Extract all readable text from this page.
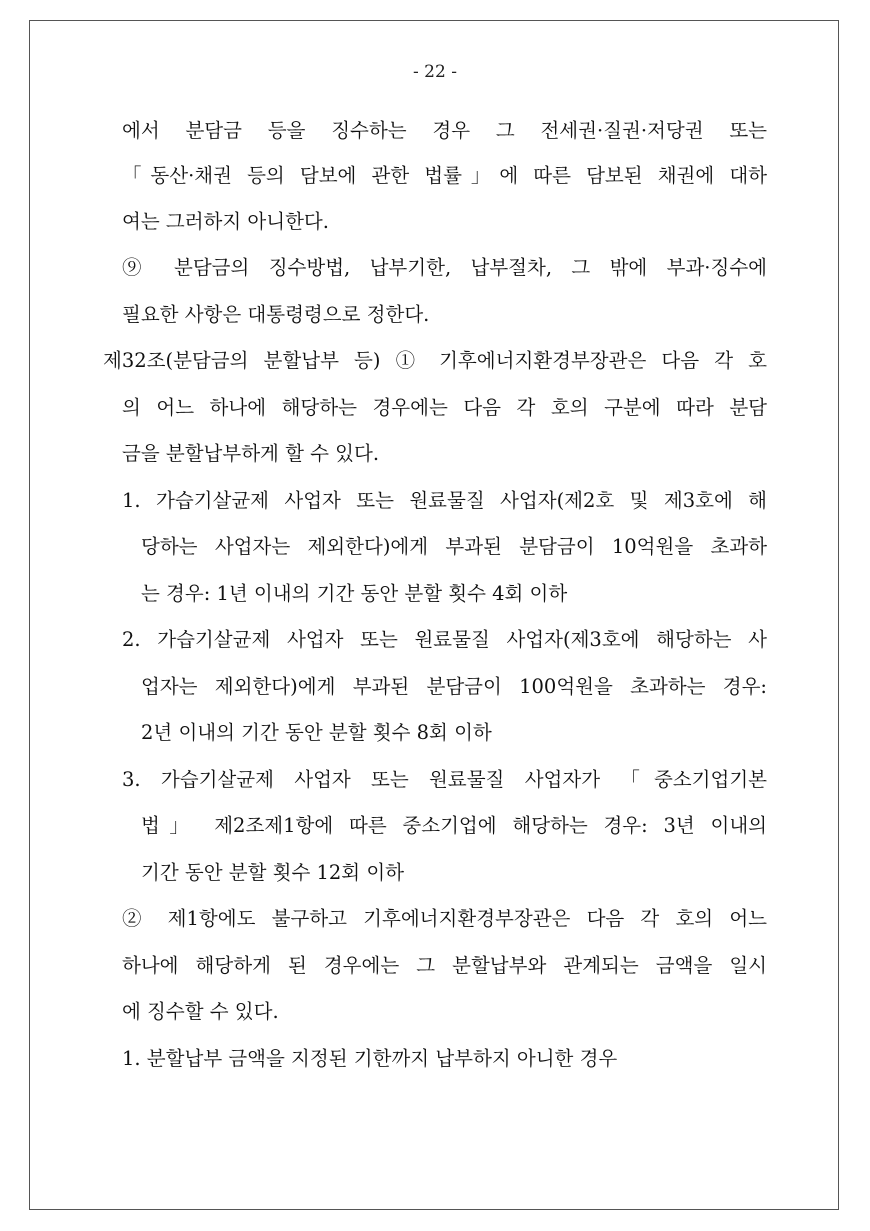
- 22 -
에서 분담금 등을 징수하는 경우 그 전세권·질권·저당권 또는
「동산·채권 등의 담보에 관한 법률」에 따른 담보된 채권에 대하
여는 그러하지 아니한다.
⑨ 분담금의 징수방법, 납부기한, 납부절차, 그 밖에 부과·징수에
필요한 사항은 대통령령으로 정한다.
제32조(분담금의 분할납부 등) ① 기후에너지환경부장관은 다음 각 호
의 어느 하나에 해당하는 경우에는 다음 각 호의 구분에 따라 분담
금을 분할납부하게 할 수 있다.
1. 가습기살균제 사업자 또는 원료물질 사업자(제2호 및 제3호에 해
당하는 사업자는 제외한다)에게 부과된 분담금이 10억원을 초과하
는 경우: 1년 이내의 기간 동안 분할 횟수 4회 이하
2. 가습기살균제 사업자 또는 원료물질 사업자(제3호에 해당하는 사
업자는 제외한다)에게 부과된 분담금이 100억원을 초과하는 경우:
2년 이내의 기간 동안 분할 횟수 8회 이하
3. 가습기살균제 사업자 또는 원료물질 사업자가 「중소기업기본
법」 제2조제1항에 따른 중소기업에 해당하는 경우: 3년 이내의
기간 동안 분할 횟수 12회 이하
② 제1항에도 불구하고 기후에너지환경부장관은 다음 각 호의 어느
하나에 해당하게 된 경우에는 그 분할납부와 관계되는 금액을 일시
에 징수할 수 있다.
1. 분할납부 금액을 지정된 기한까지 납부하지 아니한 경우
